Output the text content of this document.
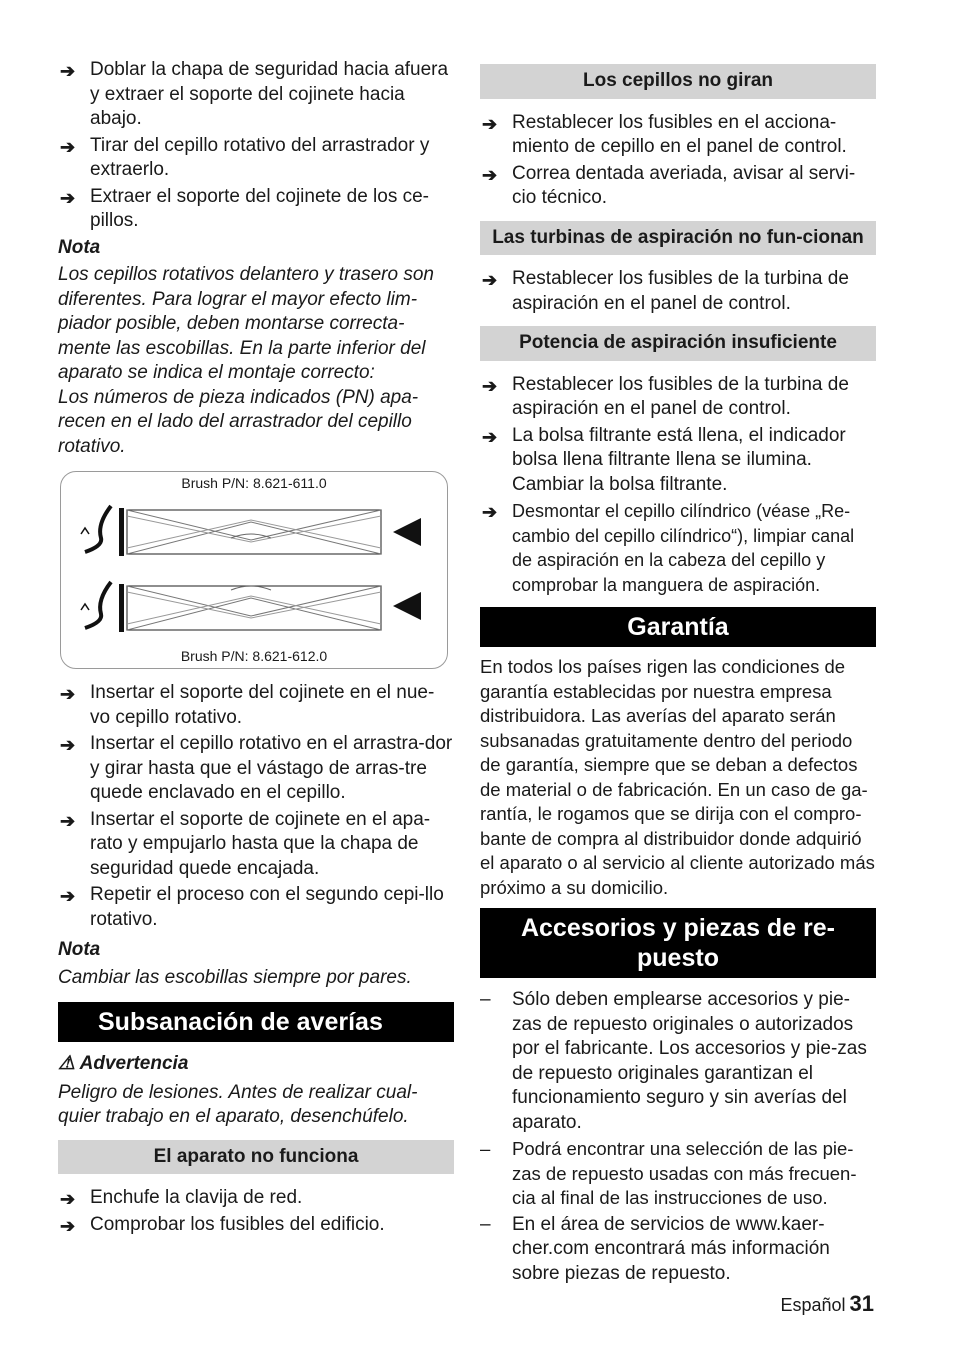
➔ Doblar la chapa de seguridad hacia afuera y extraer el soporte del cojinete hacia abajo.
➔ Tirar del cepillo rotativo del arrastrador y extraerlo.
➔ Extraer el soporte del cojinete de los ce-pillos.
Nota

Los cepillos rotativos delantero y trasero son diferentes. Para lograr el mayor efecto lim-piador posible, deben montarse correcta-mente las escobillas. En la parte inferior del aparato se indica el montaje correcto:

Los números de pieza indicados (PN) apa-recen en el lado del arrastrador del cepillo rotativo.

Brush P/N: 8.621-611.0
Brush P/N: 8.621-612.0
➔ Insertar el soporte del cojinete en el nue-vo cepillo rotativo.
➔ Insertar el cepillo rotativo en el arrastra-dor y girar hasta que el vástago de arras-tre quede enclavado en el cepillo.
➔ Insertar el soporte de cojinete en el apa-rato y empujarlo hasta que la chapa de seguridad quede encajada.
➔ Repetir el proceso con el segundo cepi-llo rotativo.
Nota

Cambiar las escobillas siempre por pares.

Subsanación de averías
⚠ Advertencia

Peligro de lesiones. Antes de realizar cual-quier trabajo en el aparato, desenchúfelo.

El aparato no funciona
➔ Enchufe la clavija de red.
➔ Comprobar los fusibles del edificio.
Los cepillos no giran
➔ Restablecer los fusibles en el acciona-miento de cepillo en el panel de control.
➔ Correa dentada averiada, avisar al servi-cio técnico.
Las turbinas de aspiración no fun-cionan
➔ Restablecer los fusibles de la turbina de aspiración en el panel de control.
Potencia de aspiración insuficiente
➔ Restablecer los fusibles de la turbina de aspiración en el panel de control.
➔ La bolsa filtrante está llena, el indicador bolsa llena filtrante llena se ilumina. Cambiar la bolsa filtrante.
➔ Desmontar el cepillo cilíndrico (véase „Re-cambio del cepillo cilíndrico“), limpiar canal de aspiración en la cabeza del cepillo y comprobar la manguera de aspiración.
Garantía

En todos los países rigen las condiciones de garantía establecidas por nuestra empresa distribuidora. Las averías del aparato serán subsanadas gratuitamente dentro del periodo de garantía, siempre que se deban a defectos de material o de fabricación. En un caso de ga-rantía, le rogamos que se dirija con el compro-bante de compra al distribuidor donde adquirió el aparato o al servicio al cliente autorizado más próximo a su domicilio.

Accesorios y piezas de re-puesto
– Sólo deben emplearse accesorios y pie-zas de repuesto originales o autorizados por el fabricante. Los accesorios y pie-zas de repuesto originales garantizan el funcionamiento seguro y sin averías del aparato.
– Podrá encontrar una selección de las pie-zas de repuesto usadas con más frecuen-cia al final de las instrucciones de uso.
– En el área de servicios de www.kaer-cher.com encontrará más información sobre piezas de repuesto.
Español 31
